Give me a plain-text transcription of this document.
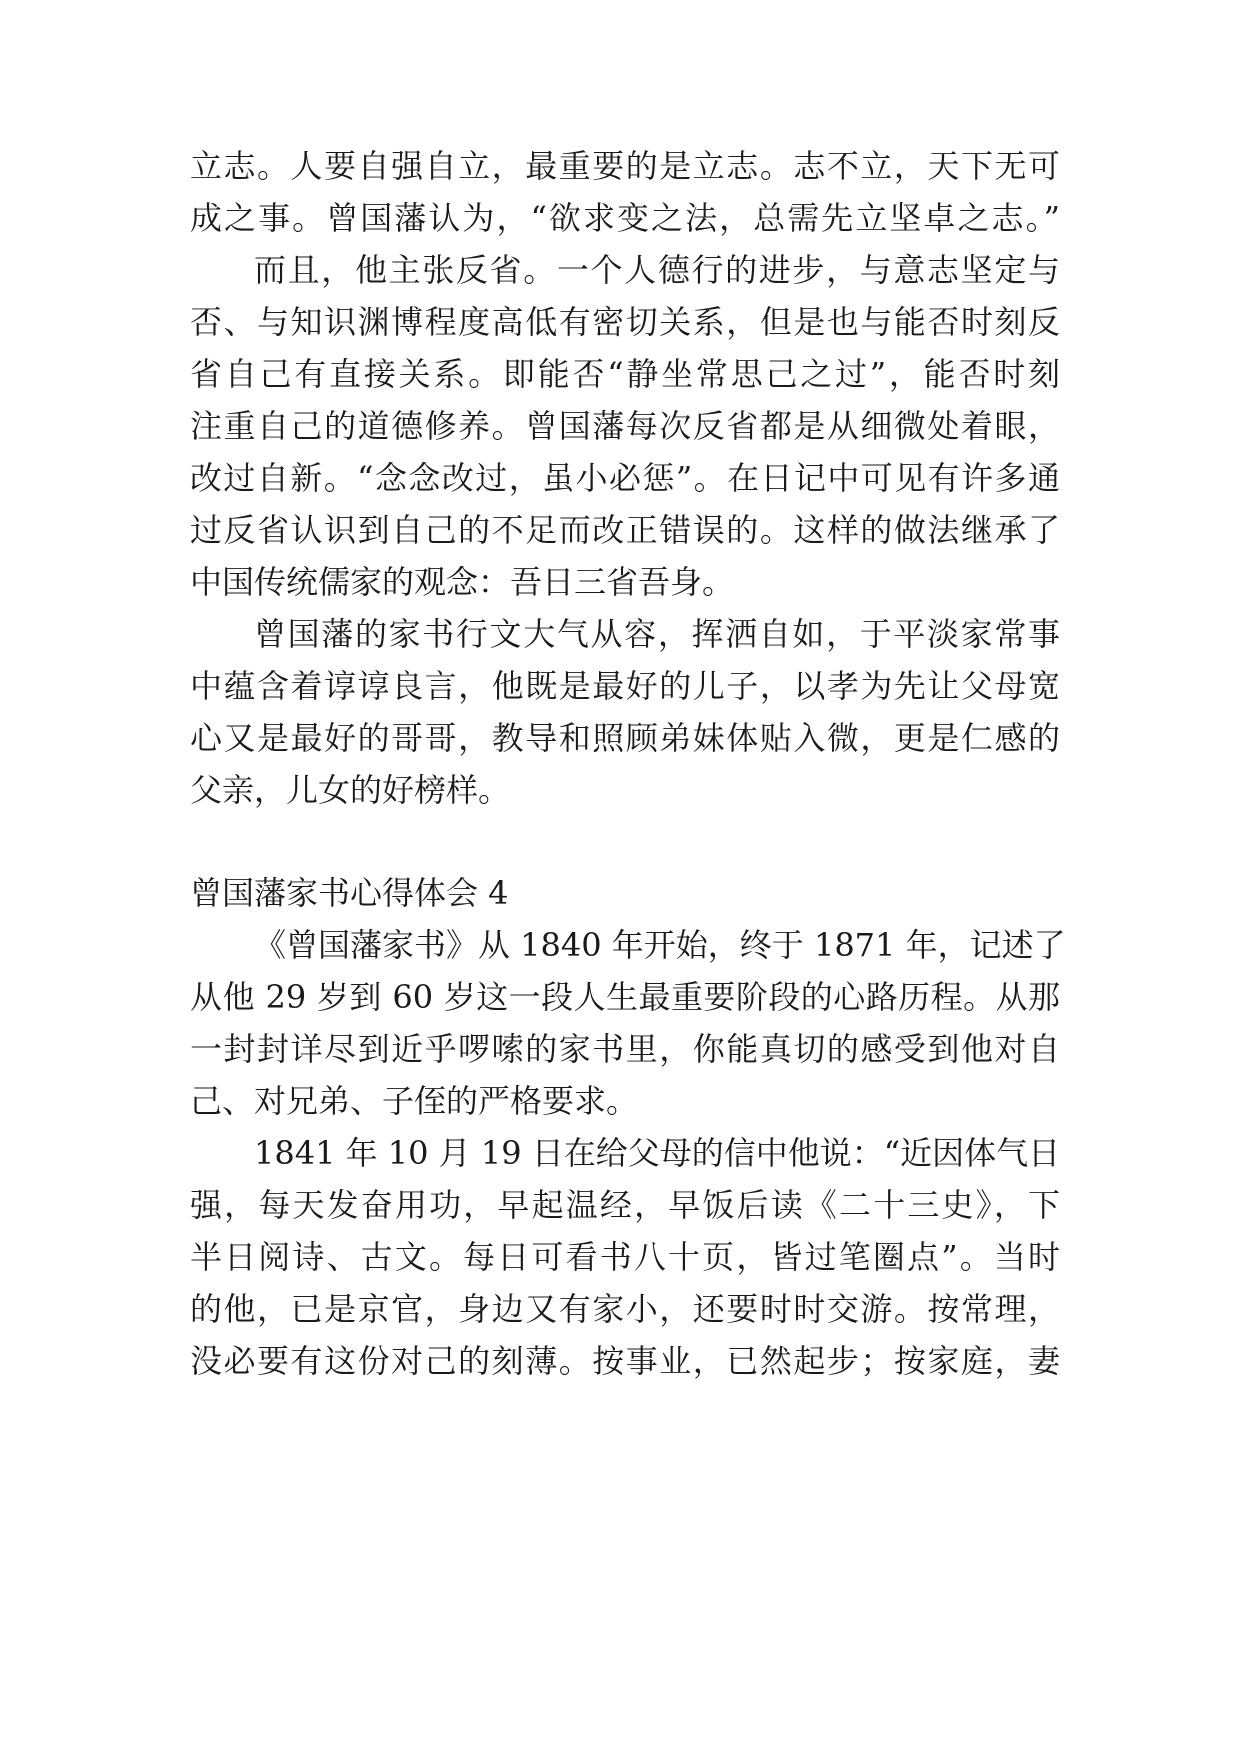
立志。人要自强自立，最重要的是立志。志不立，天下无可
成之事。曾国藩认为，“欲求变之法，总需先立坚卓之志。”
而且，他主张反省。一个人德行的进步，与意志坚定与
否、与知识渊博程度高低有密切关系，但是也与能否时刻反
省自己有直接关系。即能否“静坐常思己之过”，能否时刻
注重自己的道德修养。曾国藩每次反省都是从细微处着眼，
改过自新。“念念改过，虽小必惩”。在日记中可见有许多通
过反省认识到自己的不足而改正错误的。这样的做法继承了
中国传统儒家的观念：吾日三省吾身。
曾国藩的家书行文大气从容，挥洒自如，于平淡家常事
中蕴含着谆谆良言，他既是最好的儿子，以孝为先让父母宽
心又是最好的哥哥，教导和照顾弟妹体贴入微，更是仁感的
父亲，儿女的好榜样。
曾国藩家书心得体会 4
《曾国藩家书》从 1840 年开始，终于 1871 年，记述了
从他 29 岁到 60 岁这一段人生最重要阶段的心路历程。从那
一封封详尽到近乎啰嗦的家书里，你能真切的感受到他对自
己、对兄弟、子侄的严格要求。
1841 年 10 月 19 日在给父母的信中他说：“近因体气日
强，每天发奋用功，早起温经，早饭后读《二十三史》，下
半日阅诗、古文。每日可看书八十页，皆过笔圈点”。当时
的他，已是京官，身边又有家小，还要时时交游。按常理，
没必要有这份对己的刻薄。按事业，已然起步；按家庭，妻
